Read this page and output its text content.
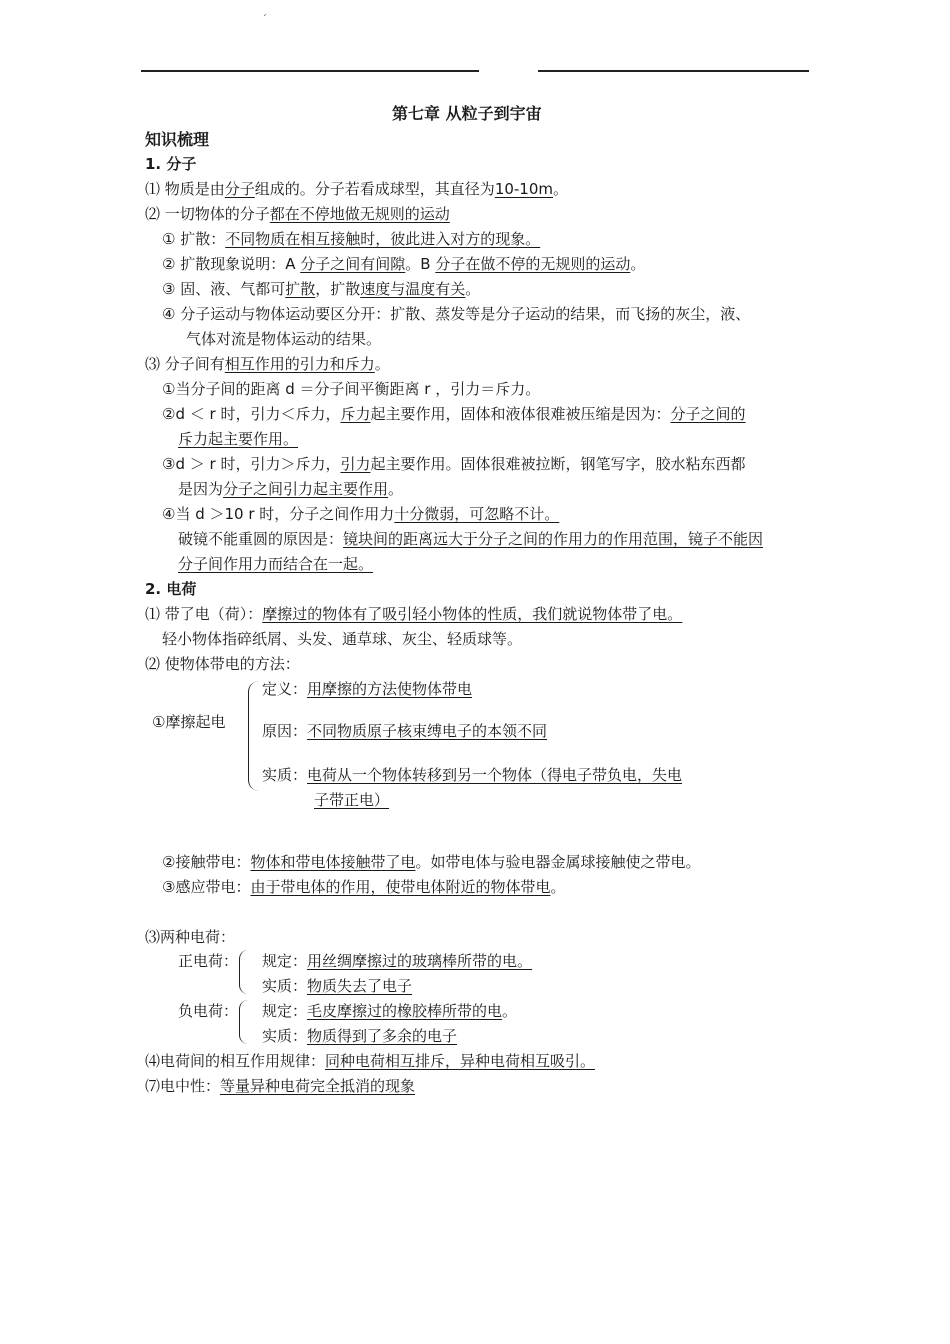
ˊ
第七章 从粒子到宇宙
知识梳理
1. 分子
⑴ 物质是由分子组成的。分子若看成球型，其直径为10-10m。
⑵ 一切物体的分子都在不停地做无规则的运动
① 扩散：不同物质在相互接触时，彼此进入对方的现象。
② 扩散现象说明：A 分子之间有间隙。B 分子在做不停的无规则的运动。
③ 固、液、气都可扩散，扩散速度与温度有关。
④ 分子运动与物体运动要区分开：扩散、蒸发等是分子运动的结果，而飞扬的灰尘，液、
气体对流是物体运动的结果。
⑶ 分子间有相互作用的引力和斥力。
①当分子间的距离 d ＝分子间平衡距离 r ，引力＝斥力。
②d ＜ r 时，引力＜斥力，斥力起主要作用，固体和液体很难被压缩是因为：分子之间的
斥力起主要作用。
③d ＞ r 时，引力＞斥力，引力起主要作用。固体很难被拉断，钢笔写字，胶水粘东西都
是因为分子之间引力起主要作用。
④当 d ＞10 r 时，分子之间作用力十分微弱，可忽略不计。
破镜不能重圆的原因是：镜块间的距离远大于分子之间的作用力的作用范围，镜子不能因
分子间作用力而结合在一起。
2. 电荷
⑴ 带了电（荷）：摩擦过的物体有了吸引轻小物体的性质，我们就说物体带了电。
轻小物体指碎纸屑、头发、通草球、灰尘、轻质球等。
⑵ 使物体带电的方法：
①摩擦起电
定义：用摩擦的方法使物体带电
原因：不同物质原子核束缚电子的本领不同
实质：电荷从一个物体转移到另一个物体（得电子带负电，失电
子带正电）
②接触带电：物体和带电体接触带了电。如带电体与验电器金属球接触使之带电。
③感应带电：由于带电体的作用，使带电体附近的物体带电。
⑶两种电荷：
正电荷： 规定：用丝绸摩擦过的玻璃棒所带的电。
实质：物质失去了电子
负电荷： 规定：毛皮摩擦过的橡胶棒所带的电。
实质：物质得到了多余的电子
⑷电荷间的相互作用规律：同种电荷相互排斥，异种电荷相互吸引。
⑺电中性：等量异种电荷完全抵消的现象
